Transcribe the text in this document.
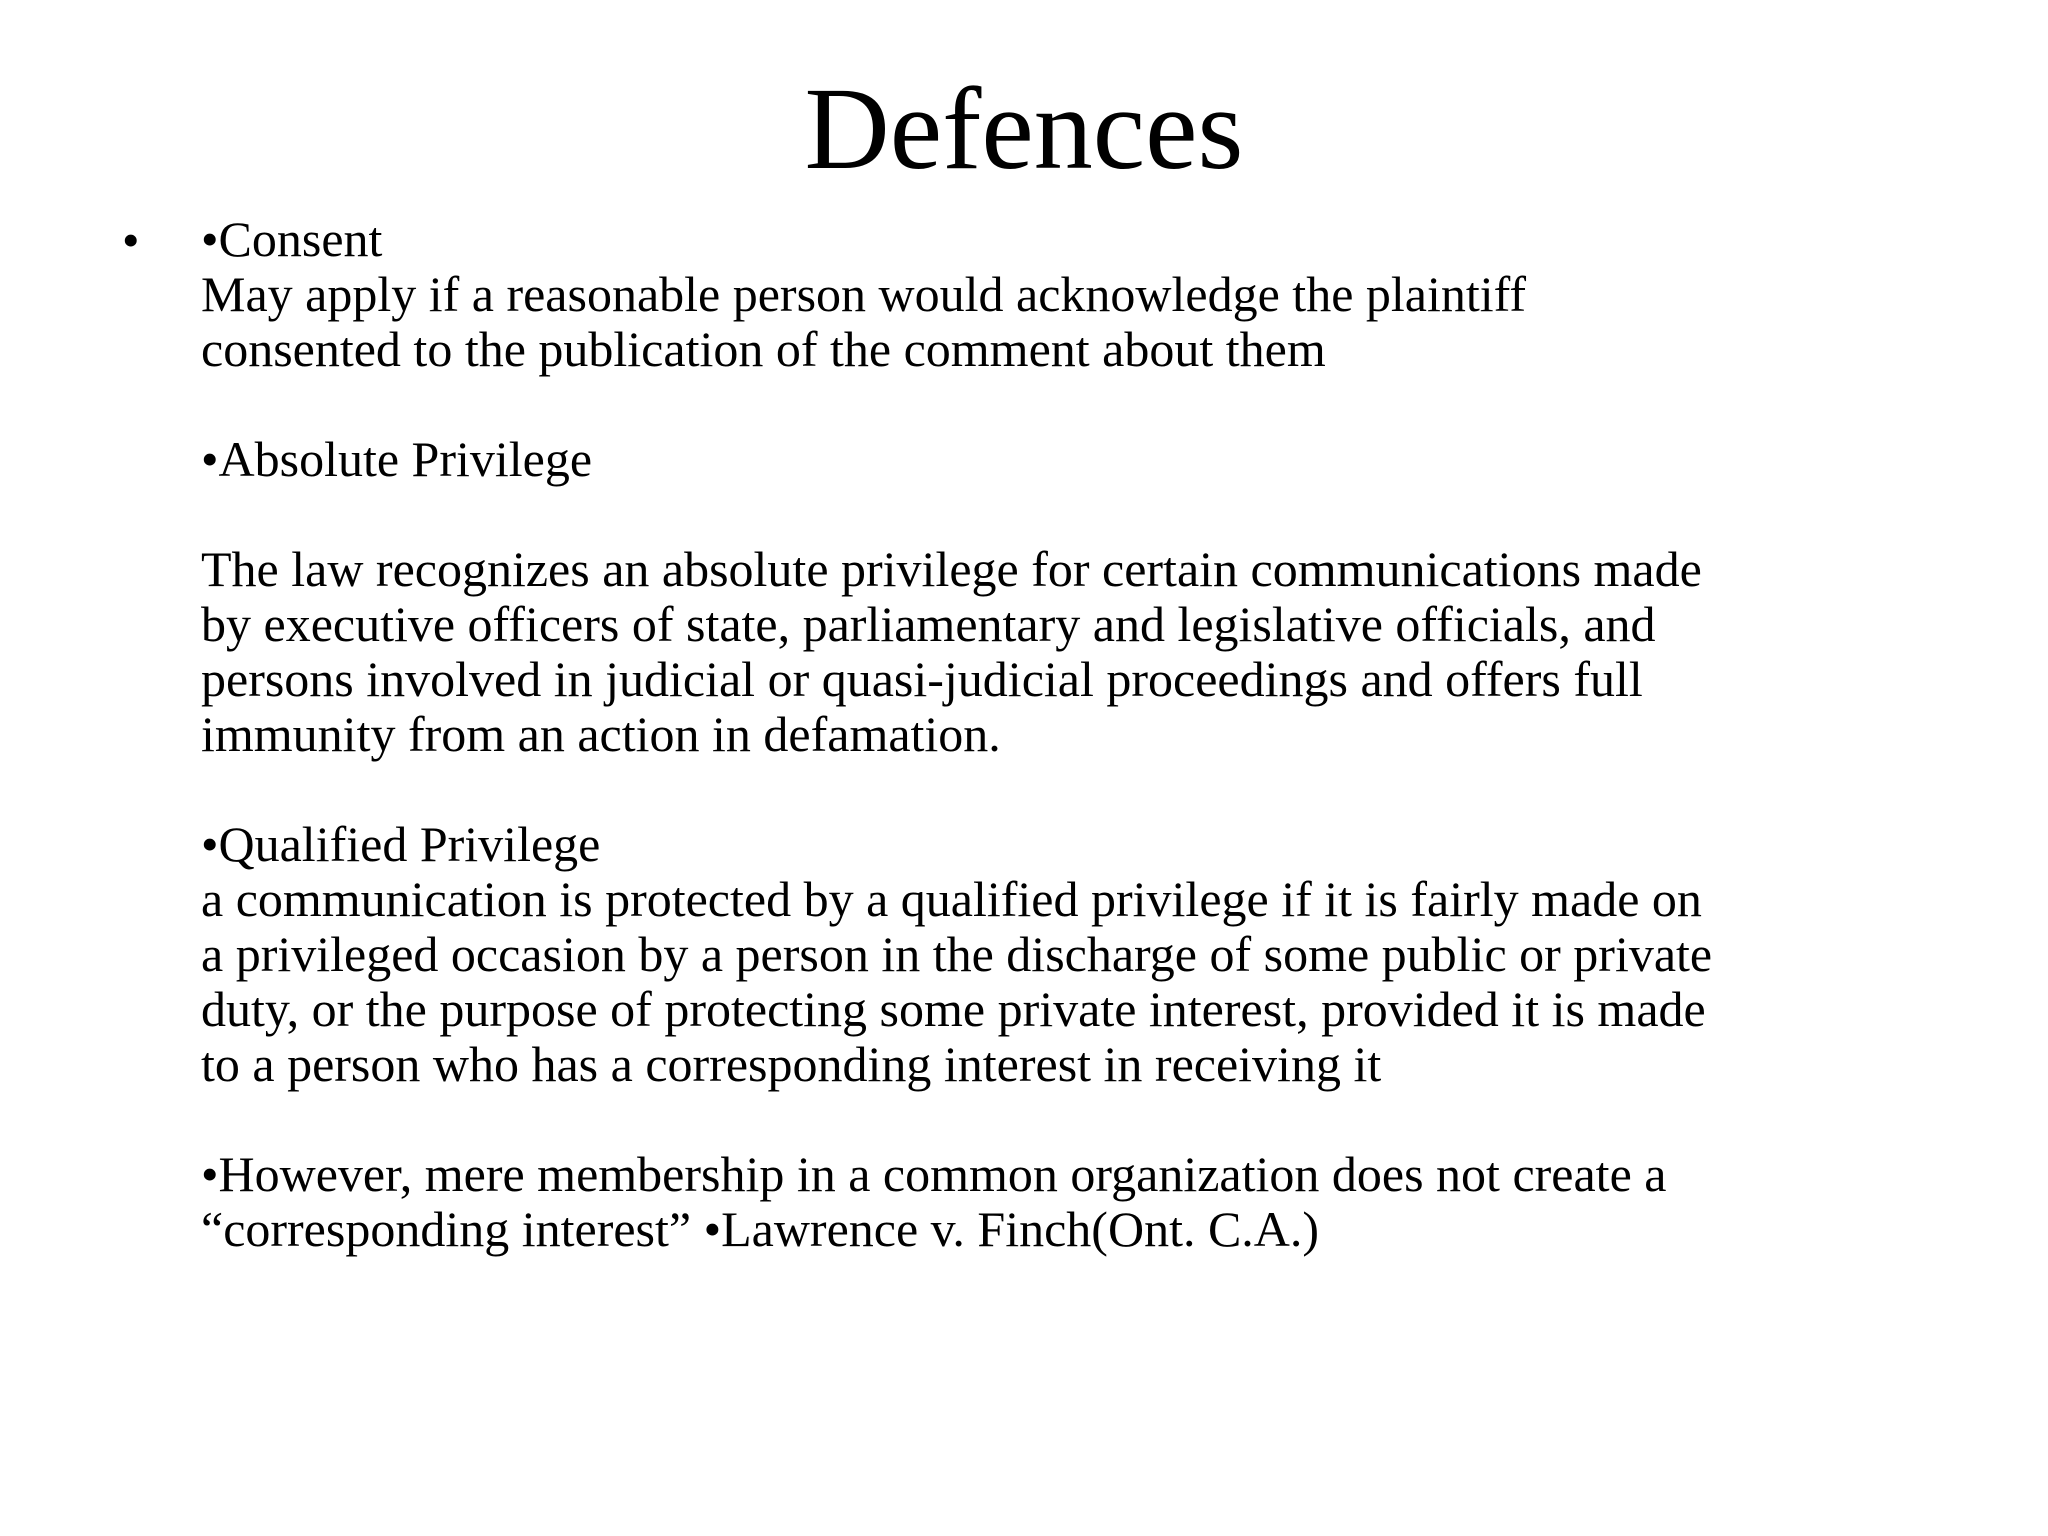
Defences
• •Consent
May apply if a reasonable person would acknowledge the plaintiff
consented to the publication of the comment about them
•Absolute Privilege
The law recognizes an absolute privilege for certain communications made
by executive officers of state, parliamentary and legislative officials, and
persons involved in judicial or quasi-judicial proceedings and offers full
immunity from an action in defamation.
•Qualified Privilege
a communication is protected by a qualified privilege if it is fairly made on
a privileged occasion by a person in the discharge of some public or private
duty, or the purpose of protecting some private interest, provided it is made
to a person who has a corresponding interest in receiving it
•However, mere membership in a common organization does not create a
“corresponding interest” •Lawrence v. Finch(Ont. C.A.)
